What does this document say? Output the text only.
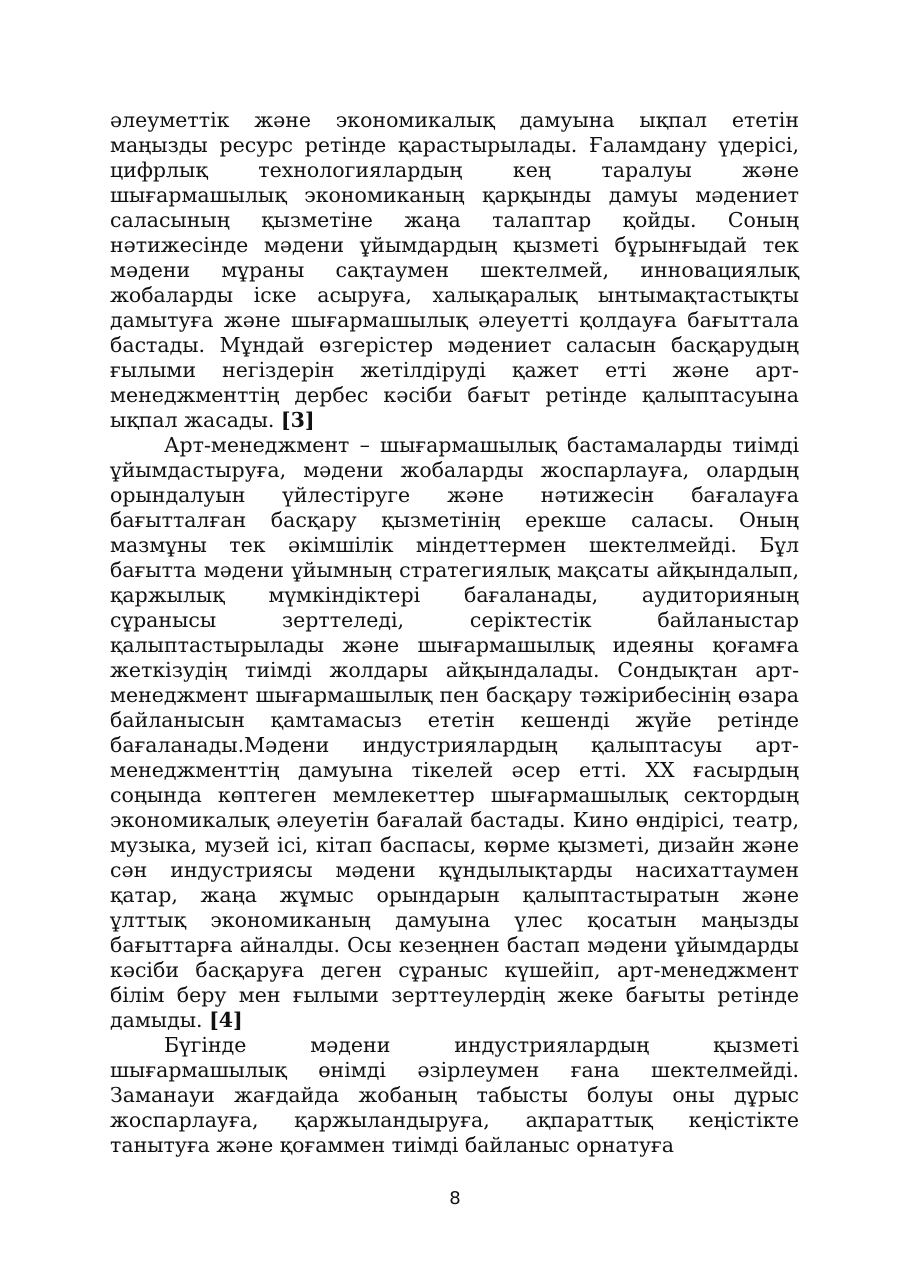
әлеуметтік және экономикалық дамуына ықпал ететін маңызды ресурс ретінде қарастырылады. Ғаламдану үдерісі, цифрлық технологиялардың кең таралуы және шығармашылық экономиканың қарқынды дамуы мәдениет саласының қызметіне жаңа талаптар қойды. Соның нәтижесінде мәдени ұйымдардың қызметі бұрынғыдай тек мәдени мұраны сақтаумен шектелмей, инновациялық жобаларды іске асыруға, халықаралық ынтымақтастықты дамытуға және шығармашылық әлеуетті қолдауға бағыттала бастады. Мұндай өзгерістер мәдениет саласын басқарудың ғылыми негіздерін жетілдіруді қажет етті және арт-менеджменттің дербес кәсіби бағыт ретінде қалыптасуына ықпал жасады. [3]

Арт-менеджмент – шығармашылық бастамаларды тиімді ұйымдастыруға, мәдени жобаларды жоспарлауға, олардың орындалуын үйлестіруге және нәтижесін бағалауға бағытталған басқару қызметінің ерекше саласы. Оның мазмұны тек әкімшілік міндеттермен шектелмейді. Бұл бағытта мәдени ұйымның стратегиялық мақсаты айқындалып, қаржылық мүмкіндіктері бағаланады, аудиторияның сұранысы зерттеледі, серіктестік байланыстар қалыптастырылады және шығармашылық идеяны қоғамға жеткізудің тиімді жолдары айқындалады. Сондықтан арт-менеджмент шығармашылық пен басқару тәжірибесінің өзара байланысын қамтамасыз ететін кешенді жүйе ретінде бағаланады.Мәдени индустриялардың қалыптасуы арт-менеджменттің дамуына тікелей әсер етті. ХХ ғасырдың соңында көптеген мемлекеттер шығармашылық сектордың экономикалық әлеуетін бағалай бастады. Кино өндірісі, театр, музыка, музей ісі, кітап баспасы, көрме қызметі, дизайн және сән индустриясы мәдени құндылықтарды насихаттаумен қатар, жаңа жұмыс орындарын қалыптастыратын және ұлттық экономиканың дамуына үлес қосатын маңызды бағыттарға айналды. Осы кезеңнен бастап мәдени ұйымдарды кәсіби басқаруға деген сұраныс күшейіп, арт-менеджмент білім беру мен ғылыми зерттеулердің жеке бағыты ретінде дамыды. [4]

Бүгінде мәдени индустриялардың қызметі шығармашылық өнімді әзірлеумен ғана шектелмейді. Заманауи жағдайда жобаның табысты болуы оны дұрыс жоспарлауға, қаржыландыруға, ақпараттық кеңістікте танытуға және қоғаммен тиімді байланыс орнатуға

8
